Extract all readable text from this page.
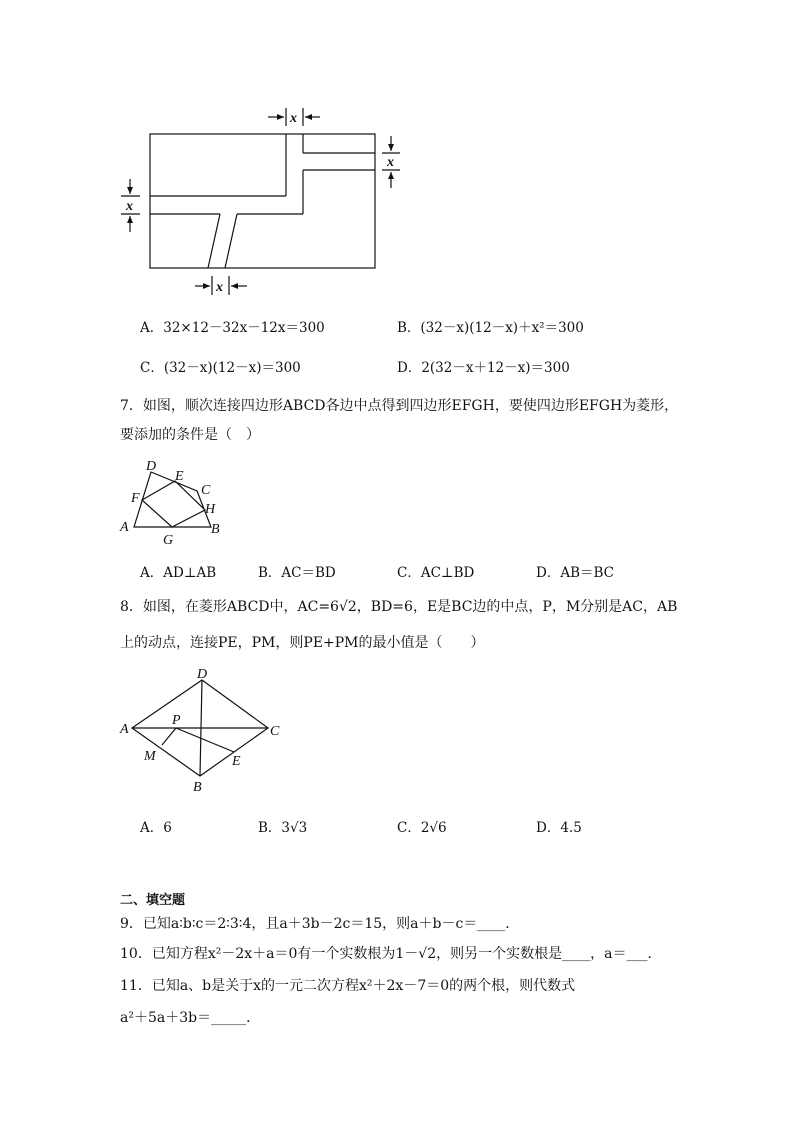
x
x
x
x
A．32×12－32x－12x＝300	B．(32－x)(12－x)＋x²＝300
C．(32－x)(12－x)＝300	D．2(32－x＋12－x)＝300
7．如图，顺次连接四边形ABCD各边中点得到四边形EFGH，要使四边形EFGH为菱形，
要添加的条件是（　）
D
E
C
F
H
A
G
B
A．AD⊥AB	B．AC＝BD	C．AC⊥BD	D．AB＝BC
8．如图，在菱形ABCD中，AC=6√2，BD=6，E是BC边的中点，P，M分别是AC，AB
上的动点，连接PE，PM，则PE+PM的最小值是（　　）
D
A
P
C
M	E
B
A．6	B．3√3	C．2√6	D．4.5
二、填空题
9．已知a∶b∶c＝2∶3∶4，且a＋3b－2c＝15，则a＋b－c＝____．
10．已知方程x²－2x＋a＝0有一个实数根为1－√2，则另一个实数根是____，a＝___．
11．已知a、b是关于x的一元二次方程x²＋2x－7＝0的两个根，则代数式
a²＋5a＋3b＝_____．
